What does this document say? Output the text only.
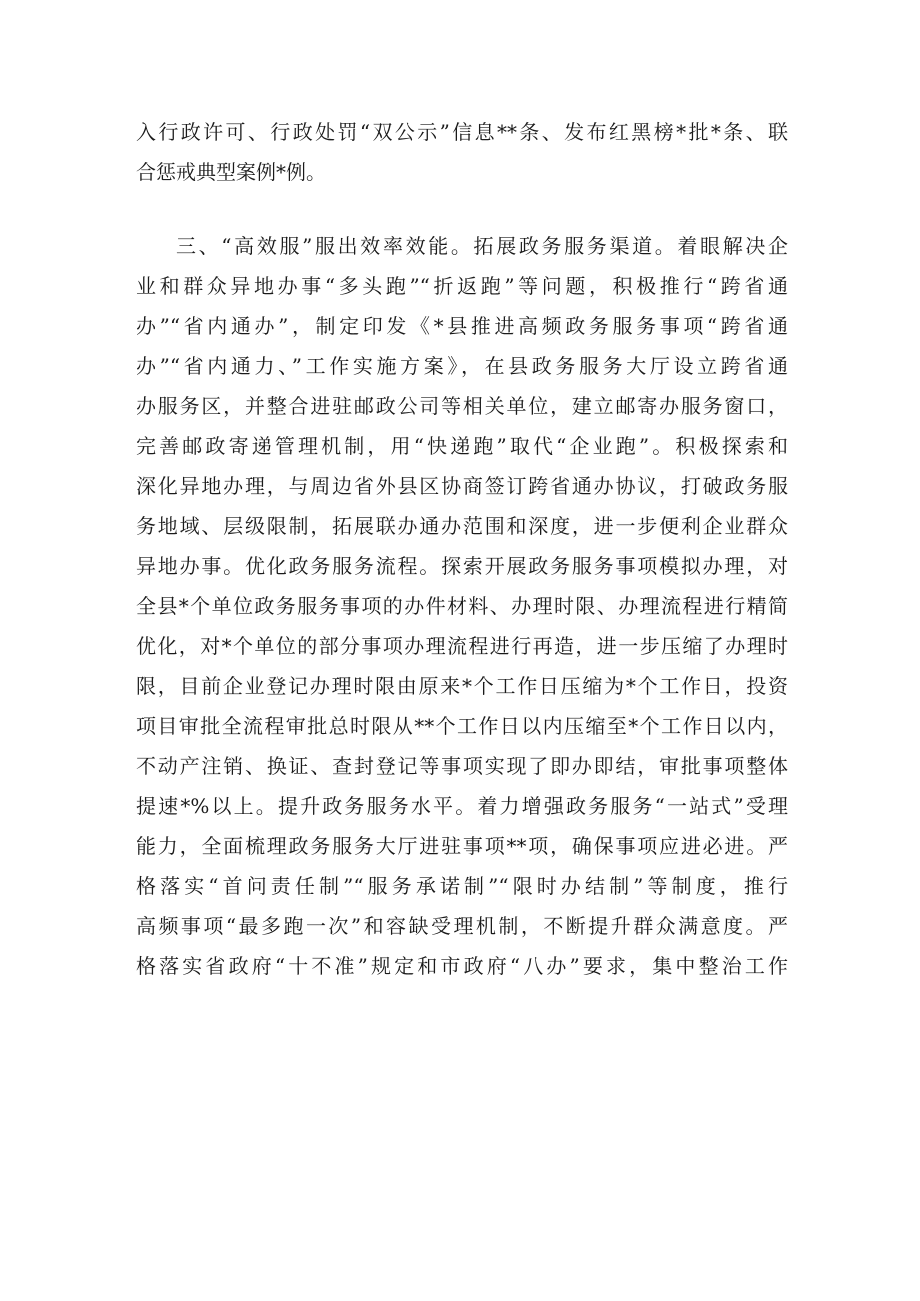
入行政许可、行政处罚“双公示”信息**条、发布红黑榜*批*条、联
合惩戒典型案例*例。
三、“高效服”服出效率效能。拓展政务服务渠道。着眼解决企
业和群众异地办事“多头跑”“折返跑”等问题，积极推行“跨省通
办”“省内通办”，制定印发《*县推进高频政务服务事项“跨省通
办”“省内通力、”工作实施方案》，在县政务服务大厅设立跨省通
办服务区，并整合进驻邮政公司等相关单位，建立邮寄办服务窗口，
完善邮政寄递管理机制，用“快递跑”取代“企业跑”。积极探索和
深化异地办理，与周边省外县区协商签订跨省通办协议，打破政务服
务地域、层级限制，拓展联办通办范围和深度，进一步便利企业群众
异地办事。优化政务服务流程。探索开展政务服务事项模拟办理，对
全县*个单位政务服务事项的办件材料、办理时限、办理流程进行精简
优化，对*个单位的部分事项办理流程进行再造，进一步压缩了办理时
限，目前企业登记办理时限由原来*个工作日压缩为*个工作日，投资
项目审批全流程审批总时限从**个工作日以内压缩至*个工作日以内，
不动产注销、换证、查封登记等事项实现了即办即结，审批事项整体
提速*%以上。提升政务服务水平。着力增强政务服务“一站式”受理
能力，全面梳理政务服务大厅进驻事项**项，确保事项应进必进。严
格落实“首问责任制”“服务承诺制”“限时办结制”等制度，推行
高频事项“最多跑一次”和容缺受理机制，不断提升群众满意度。严
格落实省政府“十不准”规定和市政府“八办”要求，集中整治工作
